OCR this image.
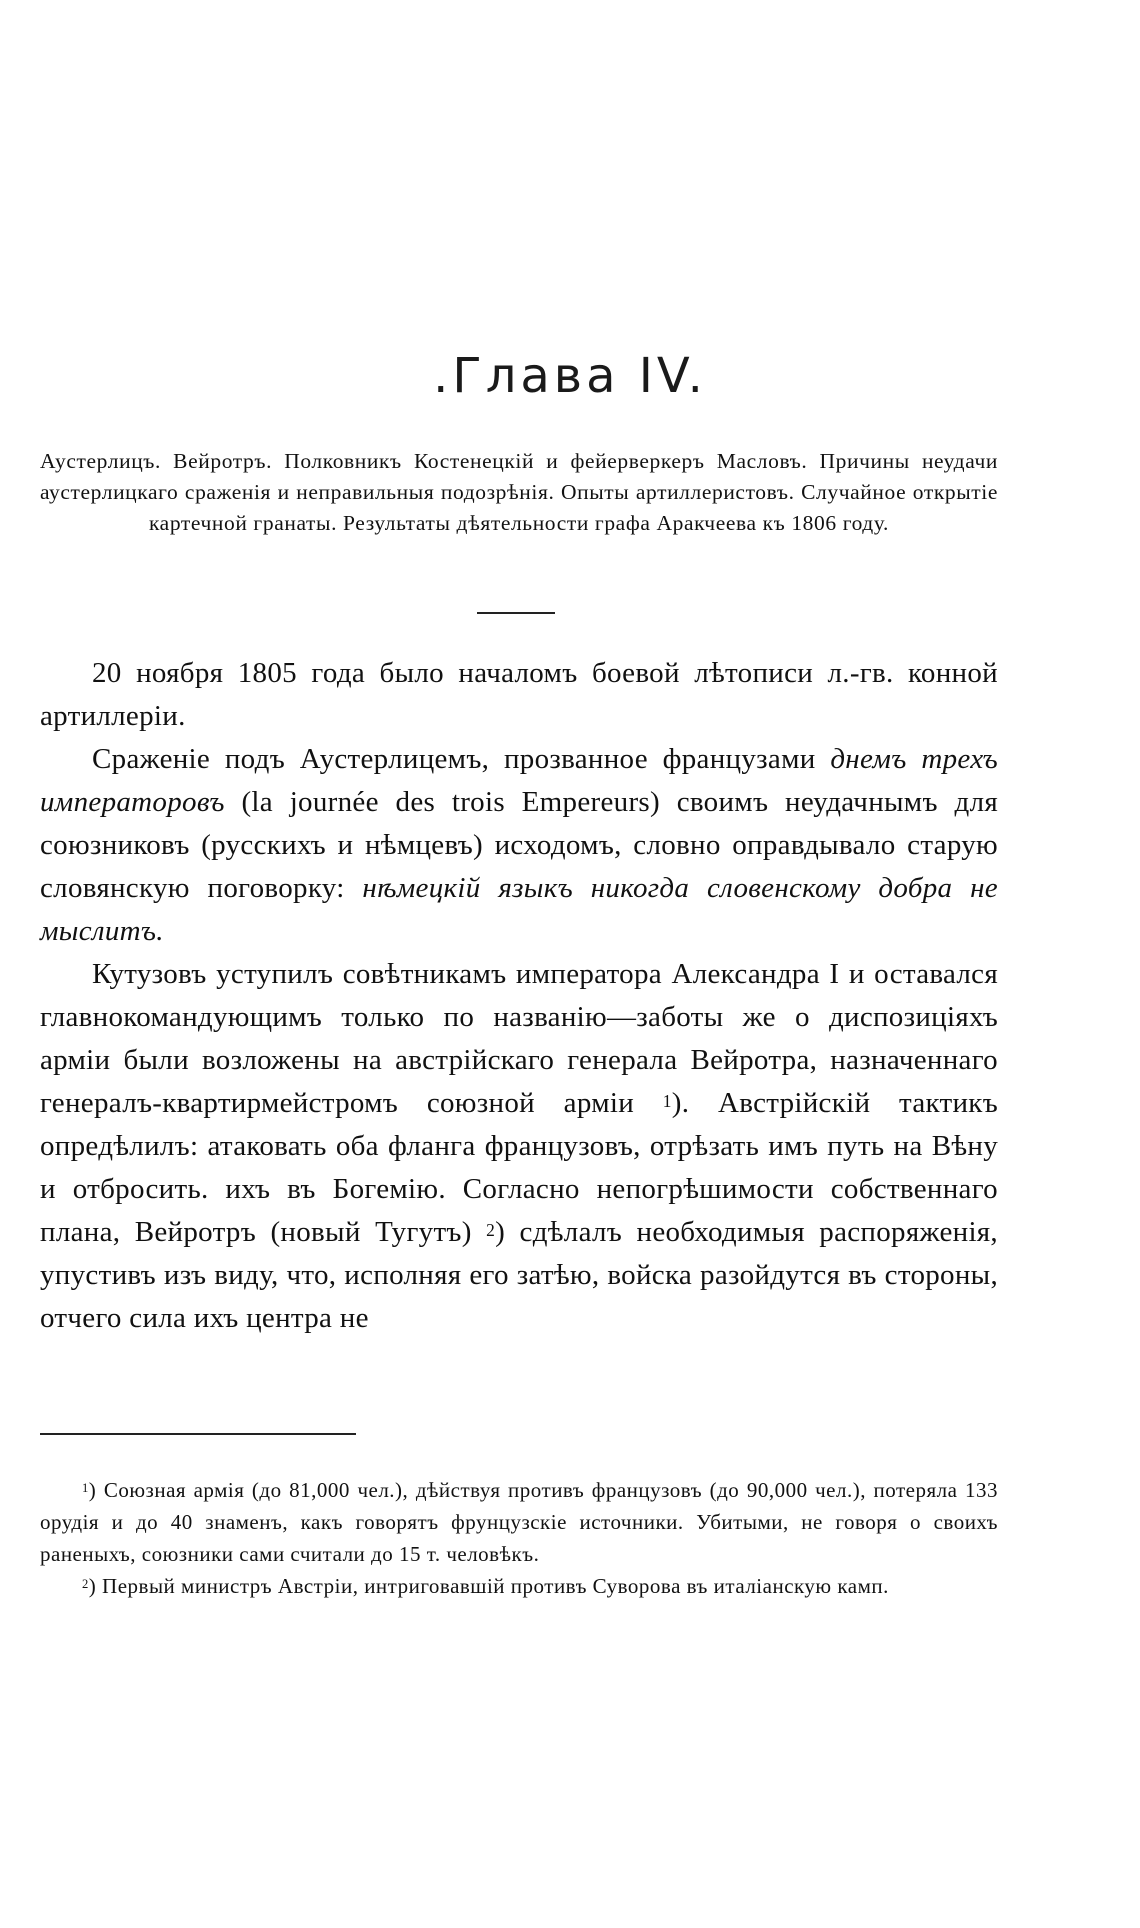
.Глава IV.

Аустерлицъ. Вейротръ. Полковникъ Костенецкій и фейерверкеръ Масловъ. Причины неудачи аустерлицкаго сраженія и неправильныя подозрѣнія. Опыты артиллеристовъ. Случайное открытіе картечной гранаты. Результаты дѣятельности графа Аракчеева къ 1806 году.

20 ноября 1805 года было началомъ боевой лѣтописи л.-гв. конной артиллеріи.

Сраженіе подъ Аустерлицемъ, прозванное французами днемъ трехъ императоровъ (la journée des trois Empereurs) своимъ неудачнымъ для союзниковъ (русскихъ и нѣмцевъ) исходомъ, словно оправдывало старую словянскую поговорку: нѣмецкій языкъ никогда словенскому добра не мыслитъ.

Кутузовъ уступилъ совѣтникамъ императора Александра I и оставался главнокомандующимъ только по названію—заботы же о диспозиціяхъ арміи были возложены на австрійскаго генерала Вейротра, назначеннаго генералъ-квартирмейстромъ союзной арміи $^1$). Австрійскій тактикъ опредѣлилъ: атаковать оба фланга французовъ, отрѣзать имъ путь на Вѣну и отбросить. ихъ въ Богемію. Согласно непогрѣшимости собственнаго плана, Вейротръ (новый Тугутъ) $^2$) сдѣлалъ необходимыя распоряженія, упустивъ изъ виду, что, исполняя его затѣю, войска разойдутся въ стороны, отчего сила ихъ центра не

$^1$) Союзная армія (до 81,000 чел.), дѣйствуя противъ французовъ (до 90,000 чел.), потеряла 133 орудія и до 40 знаменъ, какъ говорятъ фрунцузскіе источники. Убитыми, не говоря о своихъ раненыхъ, союзники сами считали до 15 т. человѣкъ.

$^2$) Первый министръ Австріи, интриговавшій противъ Суворова въ италіанскую камп.
